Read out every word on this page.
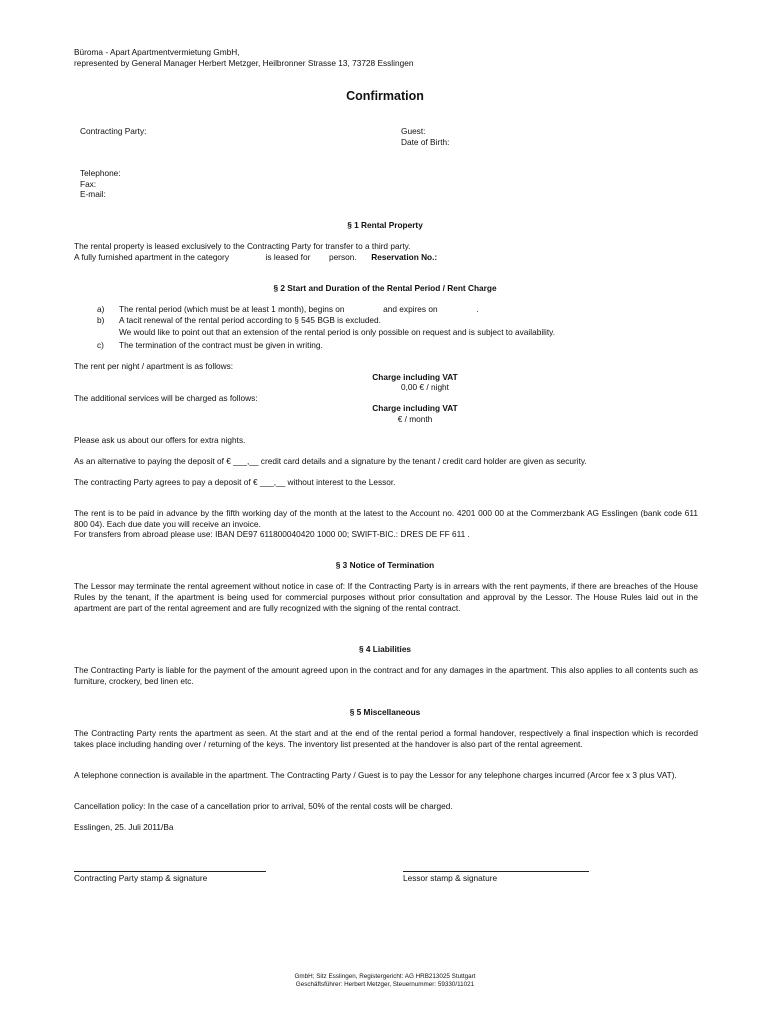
Büroma - Apart Apartmentvermietung GmbH,
represented by General Manager Herbert Metzger, Heilbronner Strasse 13, 73728 Esslingen
Confirmation
Contracting Party:	Guest:
Date of Birth:
Telephone:
Fax:
E-mail:
§ 1 Rental Property
The rental property is leased exclusively to the Contracting Party for transfer to a third party.
A fully furnished apartment in the category	is leased for person. Reservation No.:
§ 2 Start and Duration of the Rental Period / Rent Charge
a) The rental period (which must be at least 1 month), begins on	and expires on	.
b) A tacit renewal of the rental period according to § 545 BGB is excluded.
We would like to point out that an extension of the rental period is only possible on request and is subject to availability.
c) The termination of the contract must be given in writing.
The rent per night / apartment is as follows:
Charge including VAT
0,00 € / night
The additional services will be charged as follows:
Charge including VAT
€ / month
Please ask us about our offers for extra nights.
As an alternative to paying the deposit of € ___,__ credit card details and a signature by the tenant / credit card holder are given as security.
The contracting Party agrees to pay a deposit of € ___,__ without interest to the Lessor.
The rent is to be paid in advance by the fifth working day of the month at the latest to the Account no. 4201 000 00 at the Commerzbank AG Esslingen (bank code 611 800 04). Each due date you will receive an invoice.
For transfers from abroad please use: IBAN DE97 611800040420 1000 00; SWIFT-BIC.: DRES DE FF 611 .
§ 3 Notice of Termination
The Lessor may terminate the rental agreement without notice in case of: If the Contracting Party is in arrears with the rent payments, if there are breaches of the House Rules by the tenant, if the apartment is being used for commercial purposes without prior consultation and approval by the Lessor. The House Rules laid out in the apartment are part of the rental agreement and are fully recognized with the signing of the rental contract.
§ 4 Liabilities
The Contracting Party is liable for the payment of the amount agreed upon in the contract and for any damages in the apartment. This also applies to all contents such as furniture, crockery, bed linen etc.
§ 5 Miscellaneous
The Contracting Party rents the apartment as seen. At the start and at the end of the rental period a formal handover, respectively a final inspection which is recorded takes place including handing over / returning of the keys. The inventory list presented at the handover is also part of the rental agreement.
A telephone connection is available in the apartment. The Contracting Party / Guest is to pay the Lessor for any telephone charges incurred (Arcor fee x 3 plus VAT).
Cancellation policy: In the case of a cancellation prior to arrival, 50% of the rental costs will be charged.
Esslingen, 25. Juli 2011/Ba
Contracting Party stamp & signature	Lessor stamp & signature
GmbH; Sitz Esslingen, Registergericht: AG HRB213025 Stuttgart
Geschäftsführer: Herbert Metzger, Steuernummer: 59330/11021
